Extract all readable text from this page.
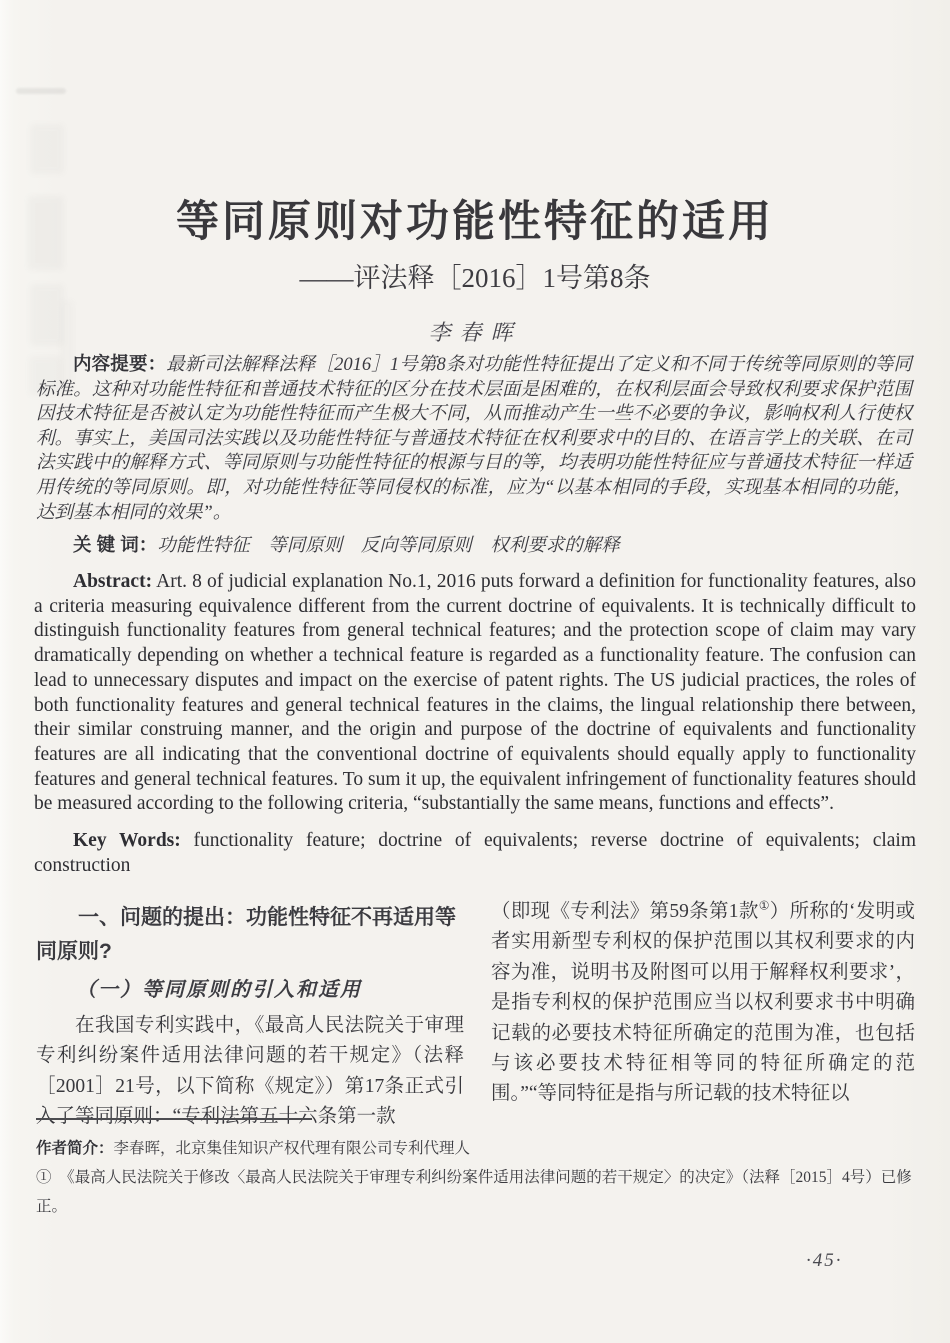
等同原则对功能性特征的适用
——评法释［2016］1号第8条
李春晖

内容提要：最新司法解释法释［2016］1号第8条对功能性特征提出了定义和不同于传统等同原则的等同标准。这种对功能性特征和普通技术特征的区分在技术层面是困难的，在权利层面会导致权利要求保护范围因技术特征是否被认定为功能性特征而产生极大不同，从而推动产生一些不必要的争议，影响权利人行使权利。事实上，美国司法实践以及功能性特征与普通技术特征在权利要求中的目的、在语言学上的关联、在司法实践中的解释方式、等同原则与功能性特征的根源与目的等，均表明功能性特征应与普通技术特征一样适用传统的等同原则。即，对功能性特征等同侵权的标准，应为“以基本相同的手段，实现基本相同的功能，达到基本相同的效果”。

关 键 词：功能性特征　等同原则　反向等同原则　权利要求的解释

Abstract: Art. 8 of judicial explanation No.1, 2016 puts forward a definition for functionality features, also a criteria measuring equivalence different from the current doctrine of equivalents. It is technically difficult to distinguish functionality features from general technical features; and the protection scope of claim may vary dramatically depending on whether a technical feature is regarded as a functionality feature. The confusion can lead to unnecessary disputes and impact on the exercise of patent rights. The US judicial practices, the roles of both functionality features and general technical features in the claims, the lingual relationship there between, their similar construing manner, and the origin and purpose of the doctrine of equivalents and functionality features are all indicating that the conventional doctrine of equivalents should equally apply to functionality features and general technical features. To sum it up, the equivalent infringement of functionality features should be measured according to the following criteria, “substantially the same means, functions and effects”.

Key Words: functionality feature; doctrine of equivalents; reverse doctrine of equivalents; claim construction

一、问题的提出：功能性特征不再适用等同原则?

（一）等同原则的引入和适用

在我国专利实践中，《最高人民法院关于审理专利纠纷案件适用法律问题的若干规定》（法释［2001］21号，以下简称《规定》）第17条正式引入了等同原则：“专利法第五十六条第一款

（即现《专利法》第59条第1款①）所称的‘发明或者实用新型专利权的保护范围以其权利要求的内容为准，说明书及附图可以用于解释权利要求’，是指专利权的保护范围应当以权利要求书中明确记载的必要技术特征所确定的范围为准，也包括与该必要技术特征相等同的特征所确定的范围。”“等同特征是指与所记载的技术特征以

作者简介：李春晖，北京集佳知识产权代理有限公司专利代理人

①　 《最高人民法院关于修改〈最高人民法院关于审理专利纠纷案件适用法律问题的若干规定〉的决定》（法释［2015］4号）已修正。

·45·
